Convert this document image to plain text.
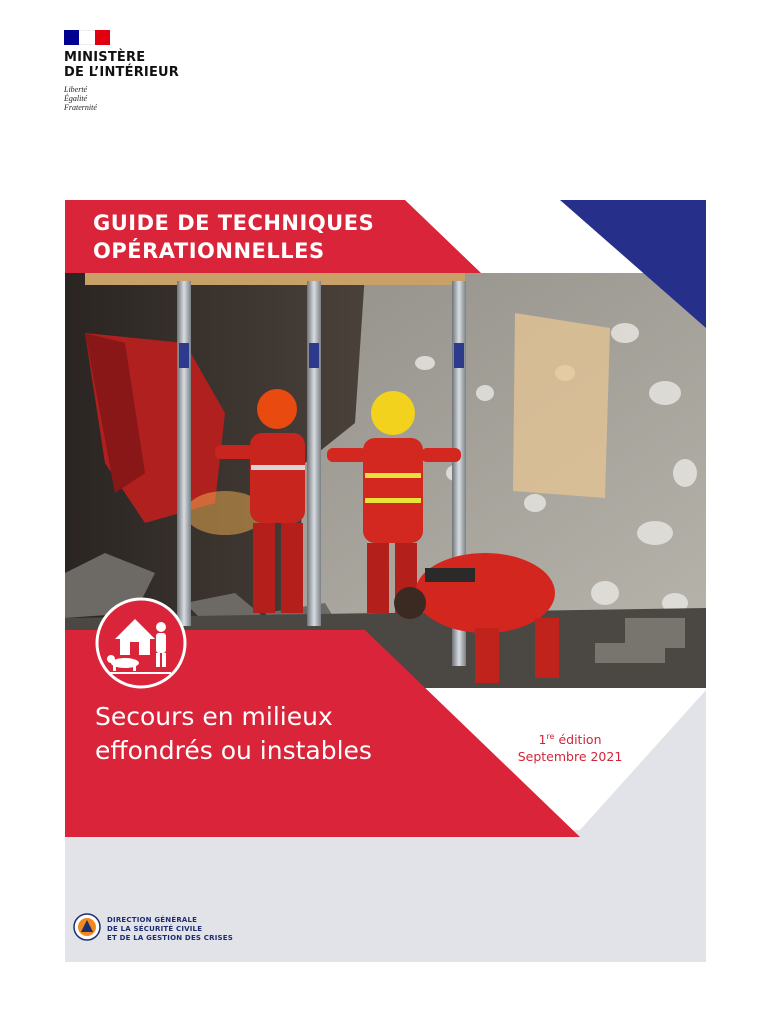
MINISTÈRE
DE L’INTÉRIEUR
Liberté
Égalité
Fraternité
GUIDE DE TECHNIQUES
OPÉRATIONNELLES
Secours en milieux
effondrés ou instables	1re édition
Septembre 2021
DIRECTION GÉNÉRALE
DE LA SÉCURITÉ CIVILE
ET DE LA GESTION DES CRISES
